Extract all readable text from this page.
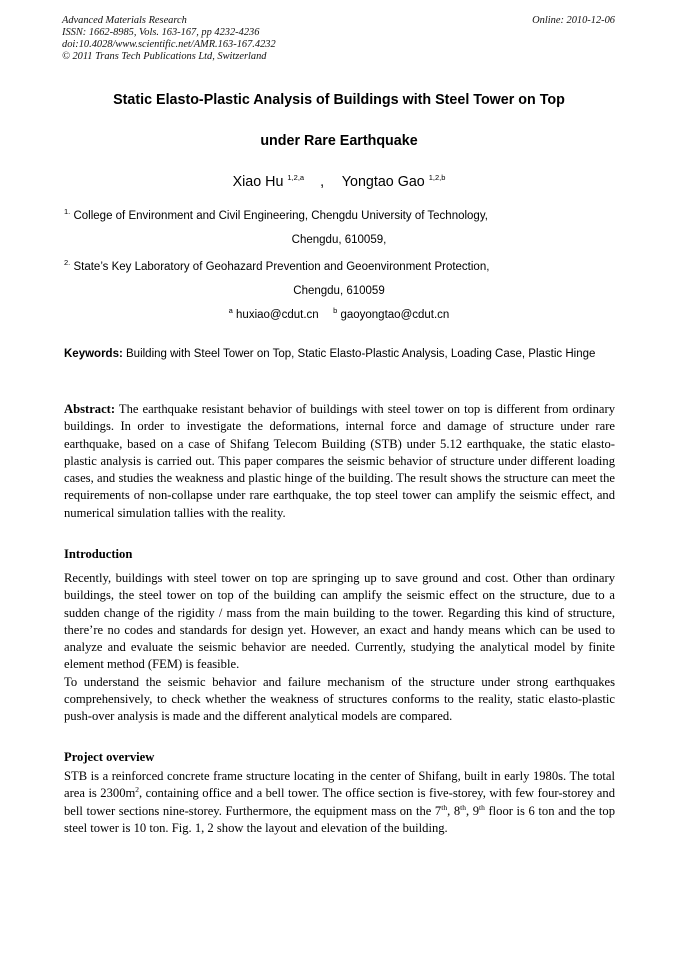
Advanced Materials Research
ISSN: 1662-8985, Vols. 163-167, pp 4232-4236
doi:10.4028/www.scientific.net/AMR.163-167.4232
© 2011 Trans Tech Publications Ltd, Switzerland
Online: 2010-12-06
Static Elasto-Plastic Analysis of Buildings with Steel Tower on Top
under Rare Earthquake
Xiao Hu $^{1,2,a}$ , Yongtao Gao $^{1,2,b}$
$^{1.}$ College of Environment and Civil Engineering, Chengdu University of Technology,
Chengdu, 610059,
$^{2.}$ State’s Key Laboratory of Geohazard Prevention and Geoenvironment Protection,
Chengdu, 610059
$^a$ huxiao@cdut.cn $^b$ gaoyongtao@cdut.cn
Keywords: Building with Steel Tower on Top, Static Elasto-Plastic Analysis, Loading Case, Plastic Hinge
Abstract: The earthquake resistant behavior of buildings with steel tower on top is different from ordinary buildings. In order to investigate the deformations, internal force and damage of structure under rare earthquake, based on a case of Shifang Telecom Building (STB) under 5.12 earthquake, the static elasto-plastic analysis is carried out. This paper compares the seismic behavior of structure under different loading cases, and studies the weakness and plastic hinge of the building. The result shows the structure can meet the requirements of non-collapse under rare earthquake, the top steel tower can amplify the seismic effect, and numerical simulation tallies with the reality.
Introduction

Recently, buildings with steel tower on top are springing up to save ground and cost. Other than ordinary buildings, the steel tower on top of the building can amplify the seismic effect on the structure, due to a sudden change of the rigidity / mass from the main building to the tower. Regarding this kind of structure, there’re no codes and standards for design yet. However, an exact and handy means which can be used to analyze and evaluate the seismic behavior are needed. Currently, studying the analytical model by finite element method (FEM) is feasible.

To understand the seismic behavior and failure mechanism of the structure under strong earthquakes comprehensively, to check whether the weakness of structures conforms to the reality, static elasto-plastic push-over analysis is made and the different analytical models are compared.

Project overview

STB is a reinforced concrete frame structure locating in the center of Shifang, built in early 1980s. The total area is $2300m^2$, containing office and a bell tower. The office section is five-storey, with few four-storey and bell tower sections nine-storey. Furthermore, the equipment mass on the 7th, 8th, 9th floor is 6 ton and the top steel tower is 10 ton. Fig. 1, 2 show the layout and elevation of the building.
